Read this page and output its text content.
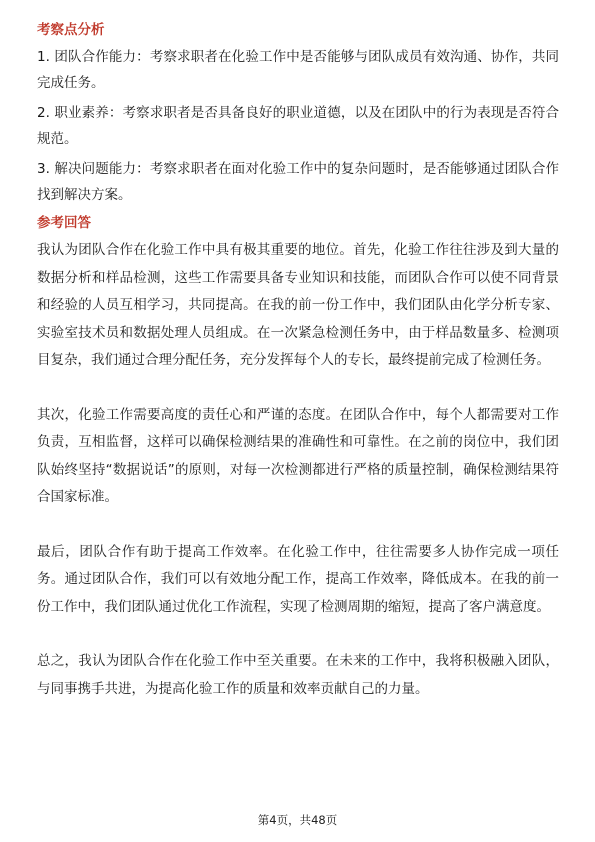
考察点分析
1. 团队合作能力：考察求职者在化验工作中是否能够与团队成员有效沟通、协作，共同完成任务。
2. 职业素养：考察求职者是否具备良好的职业道德，以及在团队中的行为表现是否符合规范。
3. 解决问题能力：考察求职者在面对化验工作中的复杂问题时，是否能够通过团队合作找到解决方案。
参考回答

我认为团队合作在化验工作中具有极其重要的地位。首先，化验工作往往涉及到大量的数据分析和样品检测，这些工作需要具备专业知识和技能，而团队合作可以使不同背景和经验的人员互相学习，共同提高。在我的前一份工作中，我们团队由化学分析专家、实验室技术员和数据处理人员组成。在一次紧急检测任务中，由于样品数量多、检测项目复杂，我们通过合理分配任务，充分发挥每个人的专长，最终提前完成了检测任务。

其次，化验工作需要高度的责任心和严谨的态度。在团队合作中，每个人都需要对工作负责，互相监督，这样可以确保检测结果的准确性和可靠性。在之前的岗位中，我们团队始终坚持“数据说话”的原则，对每一次检测都进行严格的质量控制，确保检测结果符合国家标准。

最后，团队合作有助于提高工作效率。在化验工作中，往往需要多人协作完成一项任务。通过团队合作，我们可以有效地分配工作，提高工作效率，降低成本。在我的前一份工作中，我们团队通过优化工作流程，实现了检测周期的缩短，提高了客户满意度。

总之，我认为团队合作在化验工作中至关重要。在未来的工作中，我将积极融入团队，与同事携手共进，为提高化验工作的质量和效率贡献自己的力量。

第4页，共48页
